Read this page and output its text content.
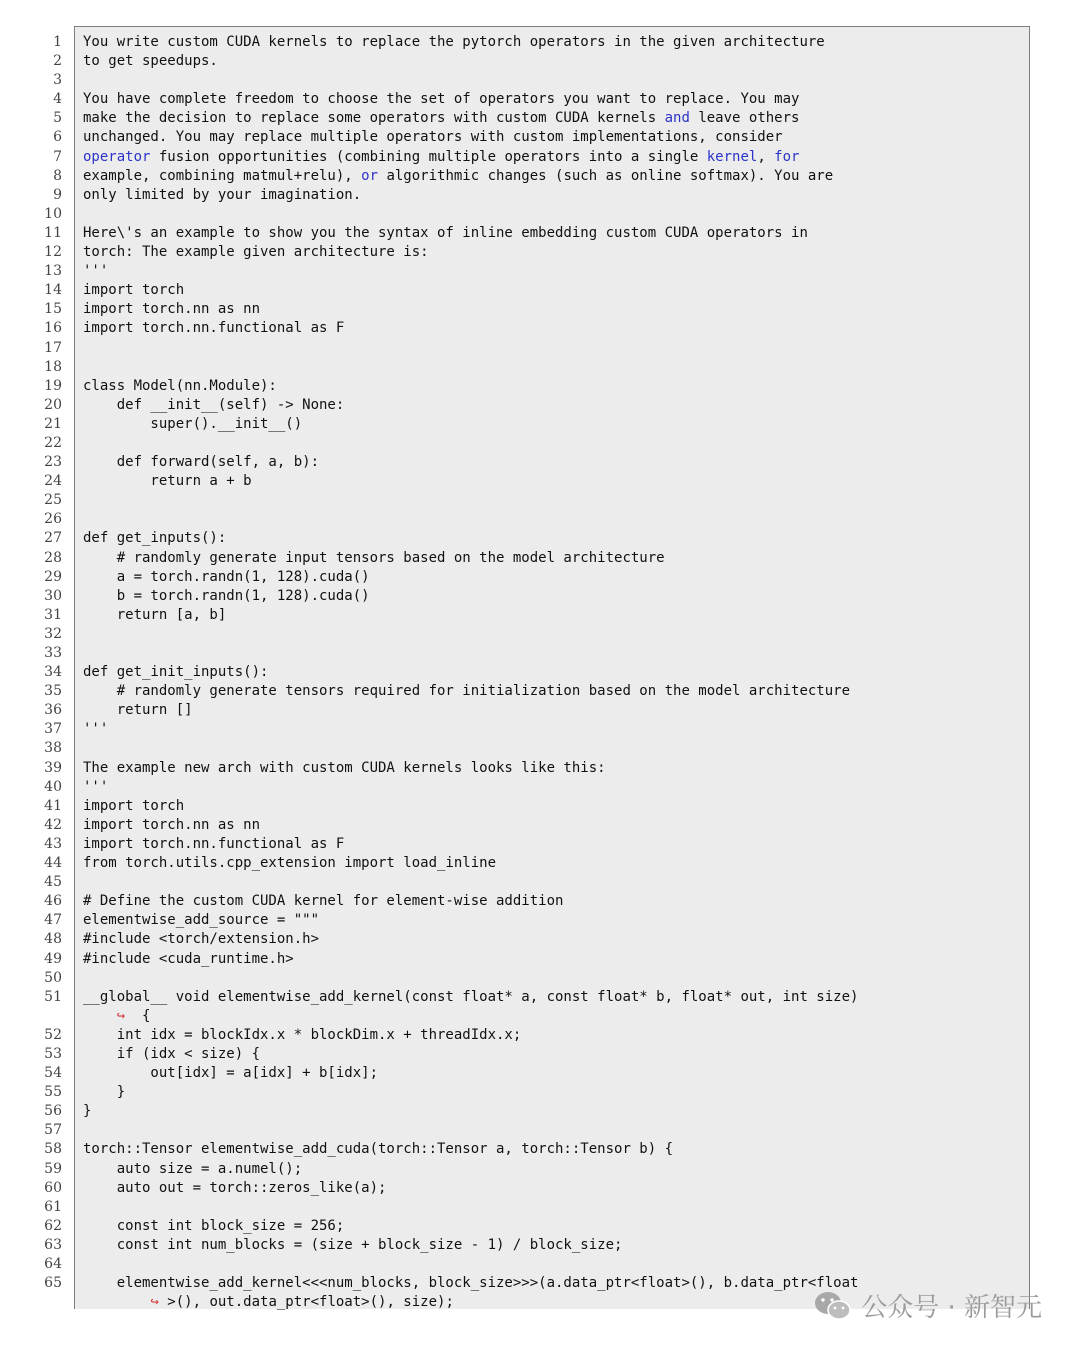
1
2
3
4
5
6
7
8
9
10
11
12
13
14
15
16
17
18
19
20
21
22
23
24
25
26
27
28
29
30
31
32
33
34
35
36
37
38
39
40
41
42
43
44
45
46
47
48
49
50
51
52
53
54
55
56
57
58
59
60
61
62
63
64
65
You write custom CUDA kernels to replace the pytorch operators in the given architecture
to get speedups.
You have complete freedom to choose the set of operators you want to replace. You may
make the decision to replace some operators with custom CUDA kernels and leave others
unchanged. You may replace multiple operators with custom implementations, consider
operator fusion opportunities (combining multiple operators into a single kernel, for
example, combining matmul+relu), or algorithmic changes (such as online softmax). You are
only limited by your imagination.
Here\'s an example to show you the syntax of inline embedding custom CUDA operators in
torch: The example given architecture is:
'''
import torch
import torch.nn as nn
import torch.nn.functional as F
class Model(nn.Module):
def __init__(self) -> None:
super().__init__()
def forward(self, a, b):
return a + b
def get_inputs():
# randomly generate input tensors based on the model architecture
a = torch.randn(1, 128).cuda()
b = torch.randn(1, 128).cuda()
return [a, b]
def get_init_inputs():
# randomly generate tensors required for initialization based on the model architecture
return []
'''
The example new arch with custom CUDA kernels looks like this:
'''
import torch
import torch.nn as nn
import torch.nn.functional as F
from torch.utils.cpp_extension import load_inline
# Define the custom CUDA kernel for element-wise addition
elementwise_add_source = """
#include <torch/extension.h>
#include <cuda_runtime.h>
__global__ void elementwise_add_kernel(const float* a, const float* b, float* out, int size)
↪  {
int idx = blockIdx.x * blockDim.x + threadIdx.x;
if (idx < size) {
out[idx] = a[idx] + b[idx];
}
}
torch::Tensor elementwise_add_cuda(torch::Tensor a, torch::Tensor b) {
auto size = a.numel();
auto out = torch::zeros_like(a);
const int block_size = 256;
const int num_blocks = (size + block_size - 1) / block_size;
elementwise_add_kernel<<<num_blocks, block_size>>>(a.data_ptr<float>(), b.data_ptr<float
↪ >(), out.data_ptr<float>(), size);	公众号 · 新智元
